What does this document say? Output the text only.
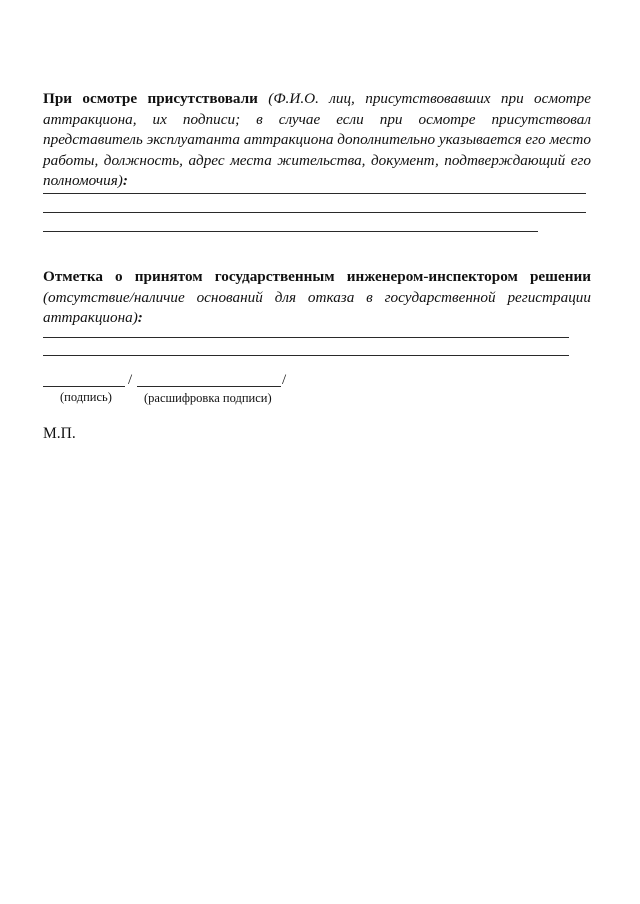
При осмотре присутствовали (Ф.И.О. лиц, присутствовавших при осмотре аттракциона, их подписи; в случае если при осмотре присутствовал представитель эксплуатанта аттракциона дополнительно указывается его место работы, должность, адрес места жительства, документ, подтверждающий его полномочия):

Отметка о принятом государственным инженером-инспектором решении (отсутствие/наличие оснований для отказа в государственной регистрации аттракциона):

/	/
(подпись)	(расшифровка подписи)
М.П.
